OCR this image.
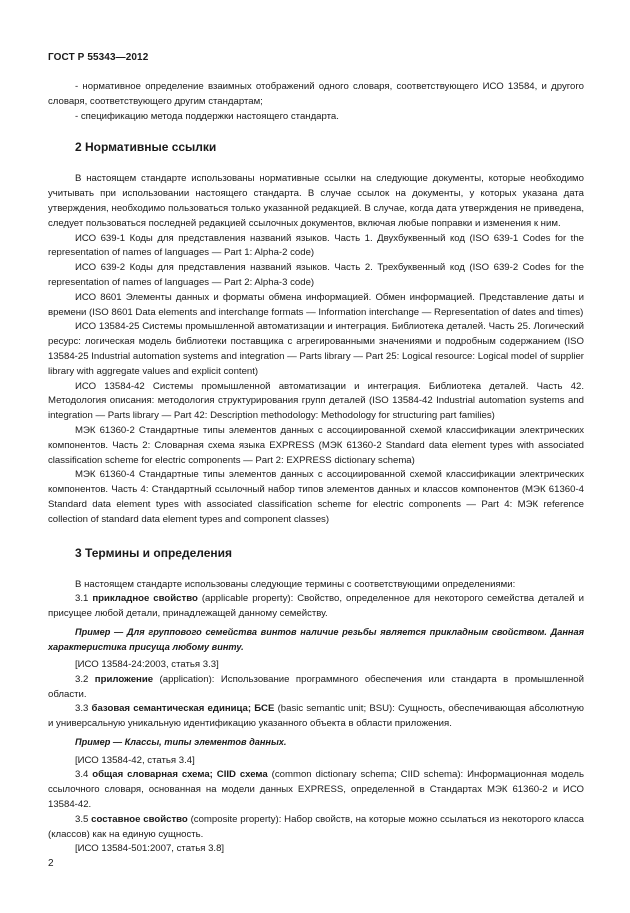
ГОСТ Р 55343—2012

- нормативное определение взаимных отображений одного словаря, соответствующего ИСО 13584, и другого словаря, соответствующего другим стандартам;

- спецификацию метода поддержки настоящего стандарта.

2 Нормативные ссылки

В настоящем стандарте использованы нормативные ссылки на следующие документы, которые необходимо учитывать при использовании настоящего стандарта. В случае ссылок на документы, у которых указана дата утверждения, необходимо пользоваться только указанной редакцией. В случае, когда дата утверждения не приведена, следует пользоваться последней редакцией ссылочных документов, включая любые поправки и изменения к ним.

ИСО 639-1 Коды для представления названий языков. Часть 1. Двухбуквенный код (ISO 639-1 Codes for the representation of names of languages — Part 1: Alpha-2 code)

ИСО 639-2 Коды для представления названий языков. Часть 2. Трехбуквенный код (ISO 639-2 Codes for the representation of names of languages — Part 2: Alpha-3 code)

ИСО 8601 Элементы данных и форматы обмена информацией. Обмен информацией. Представление даты и времени (ISO 8601 Data elements and interchange formats — Information interchange — Representation of dates and times)

ИСО 13584-25 Системы промышленной автоматизации и интеграция. Библиотека деталей. Часть 25. Логический ресурс: логическая модель библиотеки поставщика с агрегированными значениями и подробным содержанием (ISO 13584-25 Industrial automation systems and integration — Parts library — Part 25: Logical resource: Logical model of supplier library with aggregate values and explicit content)

ИСО 13584-42 Системы промышленной автоматизации и интеграция. Библиотека деталей. Часть 42. Методология описания: методология структурирования групп деталей (ISO 13584-42 Industrial automation systems and integration — Parts library — Part 42: Description methodology: Methodology for structuring part families)

МЭК 61360-2 Стандартные типы элементов данных с ассоциированной схемой классификации электрических компонентов. Часть 2: Словарная схема языка EXPRESS (МЭК 61360-2 Standard data element types with associated classification scheme for electric components — Part 2: EXPRESS dictionary schema)

МЭК 61360-4 Стандартные типы элементов данных с ассоциированной схемой классификации электрических компонентов. Часть 4: Стандартный ссылочный набор типов элементов данных и классов компонентов (МЭК 61360-4 Standard data element types with associated classification scheme for electric components — Part 4: МЭК reference collection of standard data element types and component classes)

3 Термины и определения

В настоящем стандарте использованы следующие термины с соответствующими определениями:

3.1 прикладное свойство (applicable property): Свойство, определенное для некоторого семейства деталей и присущее любой детали, принадлежащей данному семейству.

Пример — Для группового семейства винтов наличие резьбы является прикладным свойством. Данная характеристика присуща любому винту.

[ИСО 13584-24:2003, статья 3.3]

3.2 приложение (application): Использование программного обеспечения или стандарта в промышленной области.

3.3 базовая семантическая единица; БСЕ (basic semantic unit; BSU): Сущность, обеспечивающая абсолютную и универсальную уникальную идентификацию указанного объекта в области приложения.

Пример — Классы, типы элементов данных.

[ИСО 13584-42, статья 3.4]

3.4 общая словарная схема; CIID схема (common dictionary schema; CIID schema): Информационная модель ссылочного словаря, основанная на модели данных EXPRESS, определенной в Стандартах МЭК 61360-2 и ИСО 13584-42.

3.5 составное свойство (composite property): Набор свойств, на которые можно ссылаться из некоторого класса (классов) как на единую сущность.

[ИСО 13584-501:2007, статья 3.8]

2
